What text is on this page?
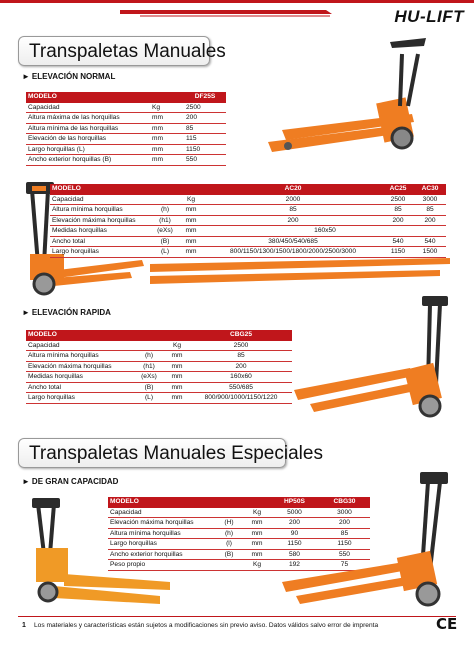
HU-LIFT
Transpaletas Manuales
► ELEVACIÓN NORMAL
MODELO		DF25S
Capacidad	Kg	2500
Altura máxima de las horquillas	mm	200
Altura mínima de las horquillas	mm	85
Elevación de las horquillas	mm	115
Largo horquillas (L)	mm	1150
Ancho exterior horquillas (B)	mm	550
MODELO			AC20	AC25	AC30
Capacidad		Kg	2000	2500	3000
Altura mínima horquillas	(h)	mm	85	85	85
Elevación máxima horquillas	(h1)	mm	200	200	200
Medidas horquillas	(eXs)	mm	160x50		
Ancho total	(B)	mm	380/450/540/685	540	540
Largo horquillas	(L)	mm	800/1150/1300/1500/1800/2000/2500/3000	1150	1500
► ELEVACIÓN RAPIDA
MODELO			CBG25
Capacidad		Kg	2500
Altura mínima horquillas	(h)	mm	85
Elevación máxima horquillas	(h1)	mm	200
Medidas horquillas	(eXs)	mm	160x60
Ancho total	(B)	mm	550/685
Largo horquillas	(L)	mm	800/900/1000/1150/1220
Transpaletas Manuales Especiales
► DE GRAN CAPACIDAD
MODELO			HP50S	CBG30
Capacidad		Kg	5000	3000
Elevación máxima horquillas	(H)	mm	200	200
Altura mínima horquillas	(h)	mm	90	85
Largo horquillas	(l)	mm	1150	1150
Ancho exterior horquillas	(B)	mm	580	550
Peso propio		Kg	192	75
1 Los materiales y características están sujetos a modificaciones sin previo aviso. Datos válidos salvo error de imprenta	CE
